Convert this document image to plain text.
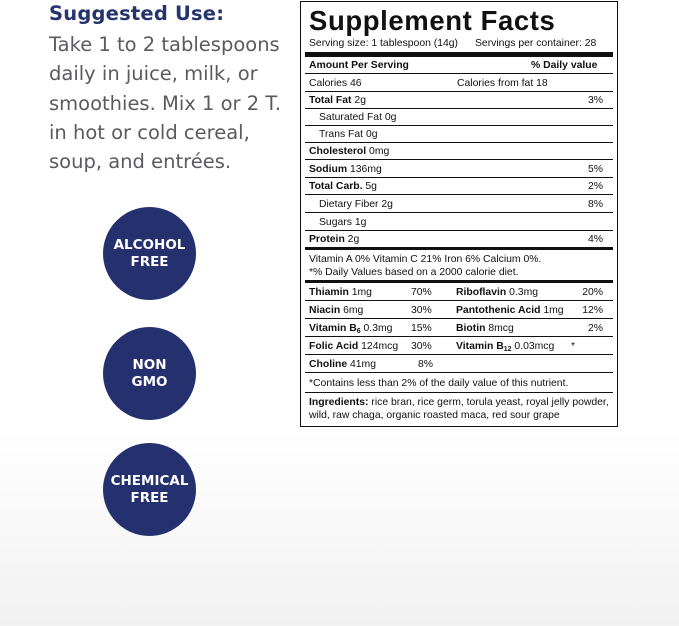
Suggested Use:
Take 1 to 2 tablespoons
daily in juice, milk, or
smoothies. Mix 1 or 2 T.
in hot or cold cereal,
soup, and entrées.
ALCOHOL
FREE
NON
GMO
CHEMICAL
FREE
Supplement Facts
Serving size: 1 tablespoon (14g) Servings per container: 28
Amount Per Serving	% Daily value
Calories 46	Calories from fat 18
Total Fat 2g	3%
Saturated Fat 0g
Trans Fat 0g
Cholesterol 0mg
Sodium 136mg	5%
Total Carb. 5g	2%
Dietary Fiber 2g	8%
Sugars 1g
Protein 2g	4%
Vitamin A 0% Vitamin C 21% Iron 6% Calcium 0%.
*% Daily Values based on a 2000 calorie diet.
Thiamin 1mg	70% Riboflavin 0.3mg	20%
Niacin 6mg	30% Pantothenic Acid 1mg 12%
Vitamin $B_6$ 0.3mg 15% Biotin 8mcg	2%
Folic Acid 124mcg 30% Vitamin $B_{12}$ 0.03mcg *
Choline 41mg	8%
*Contains less than 2% of the daily value of this nutrient.
Ingredients: rice bran, rice germ, torula yeast, royal jelly powder,
wild, raw chaga, organic roasted maca, red sour grape
